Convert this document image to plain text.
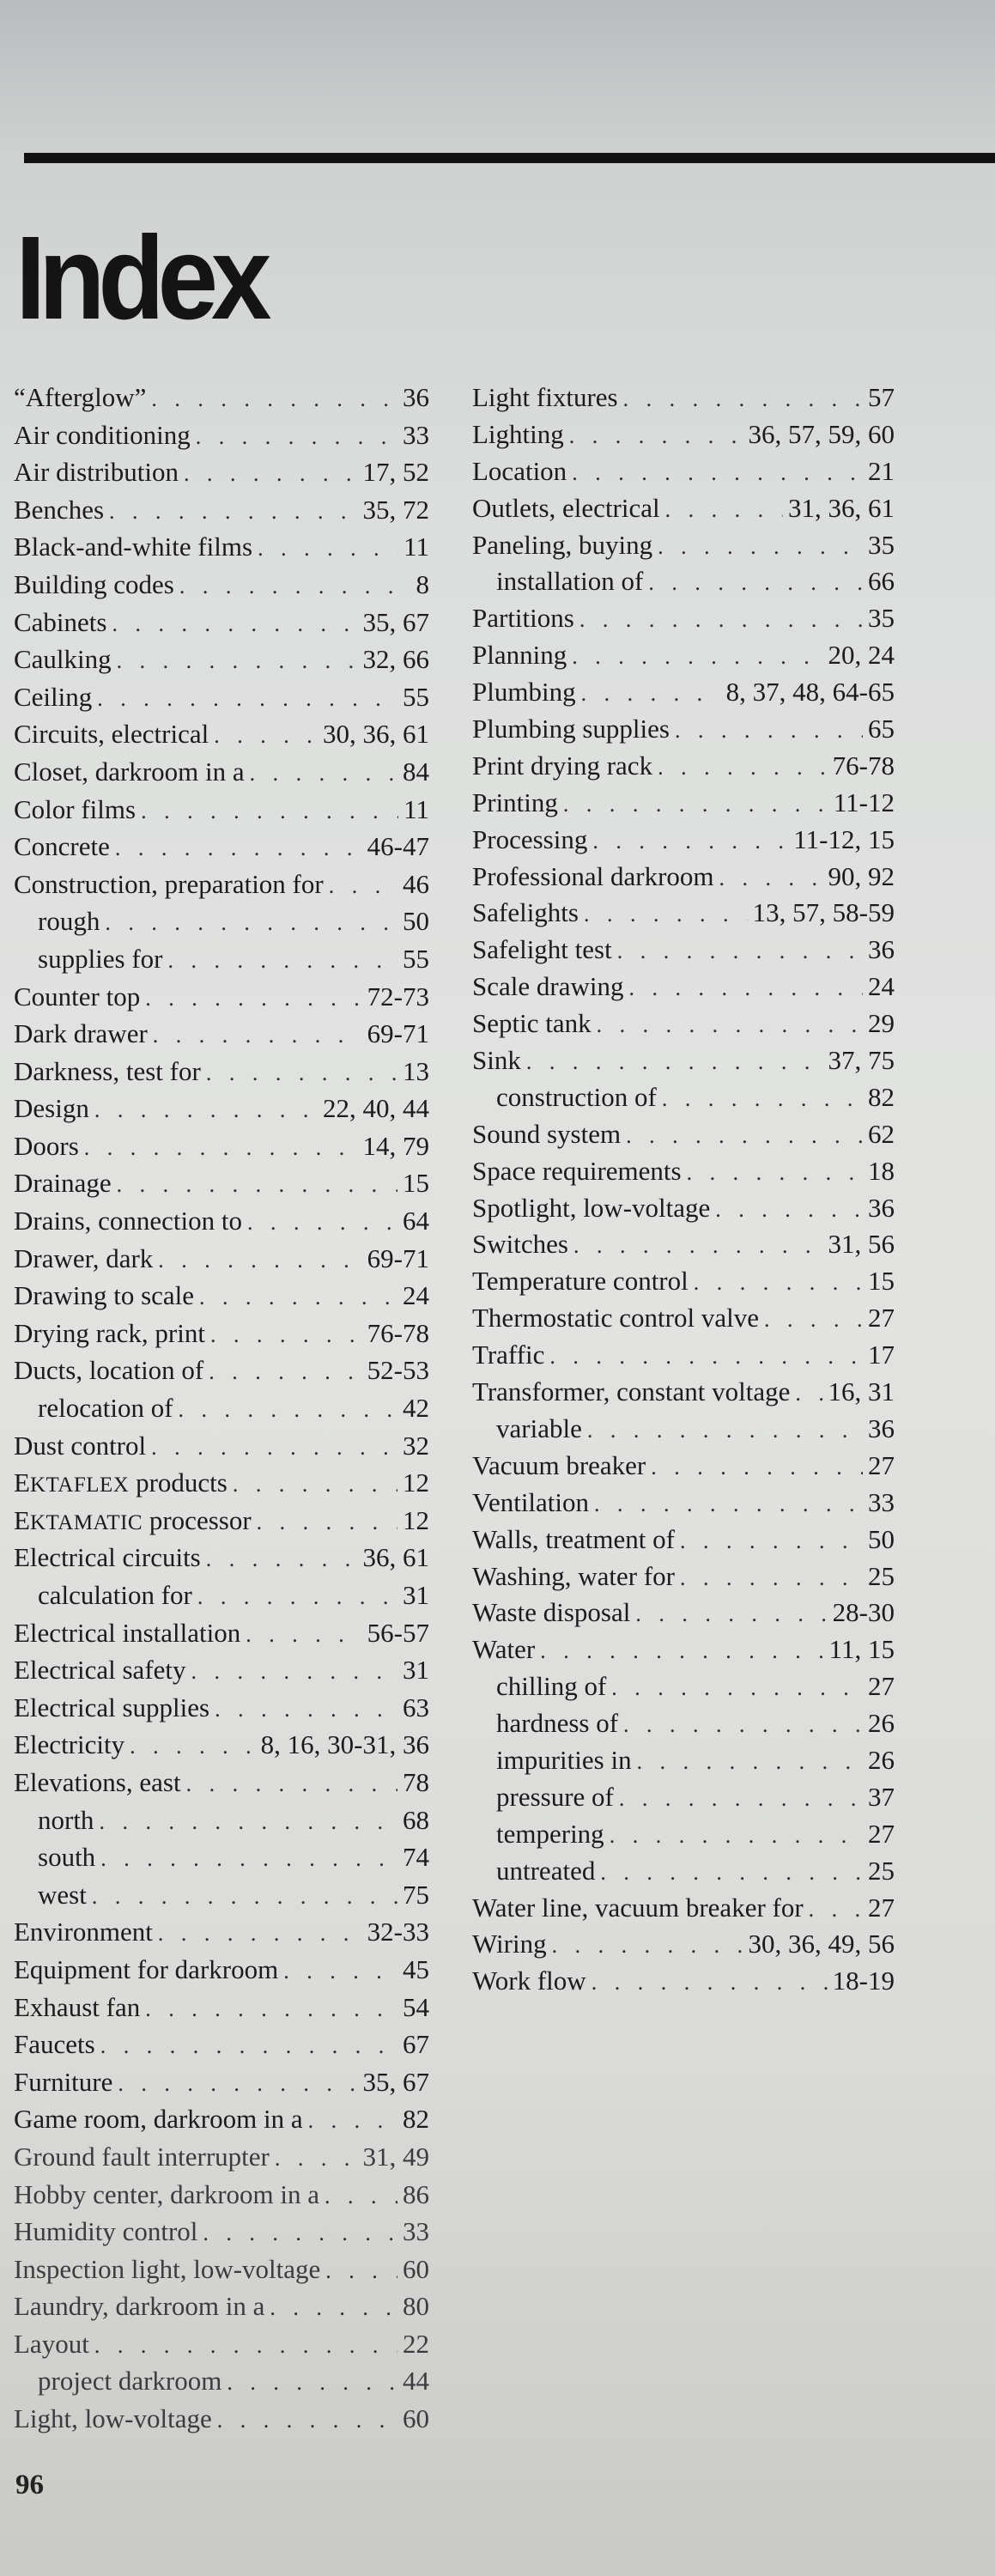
Index
“Afterglow” . . .	36
Air conditioning . . .	33
Air distribution . . .	17, 52
Benches . . .	35, 72
Black-and-white films . . .	11
Building codes . . .	8
Cabinets . . .	35, 67
Caulking . . .	32, 66
Ceiling . . .	55
Circuits, electrical . . .	30, 36, 61
Closet, darkroom in a . . .	84
Color films . . .	11
Concrete . . .	46-47
Construction, preparation for . . .	46
rough . . .	50
supplies for . . .	55
Counter top . . .	72-73
Dark drawer . . .	69-71
Darkness, test for . . .	13
Design . . .	22, 40, 44
Doors . . .	14, 79
Drainage . . .	15
Drains, connection to . . .	64
Drawer, dark . . .	69-71
Drawing to scale . . .	24
Drying rack, print . . .	76-78
Ducts, location of . . .	52-53
relocation of . . .	42
Dust control . . .	32
EKTAFLEX products . . .	12
EKTAMATIC processor . . .	12
Electrical circuits . . .	36, 61
calculation for . . .	31
Electrical installation . . .	56-57
Electrical safety . . .	31
Electrical supplies . . .	63
Electricity . . .	8, 16, 30-31, 36
Elevations, east . . .	78
north . . .	68
south . . .	74
west . . .	75
Environment . . .	32-33
Equipment for darkroom . . .	45
Exhaust fan . . .	54
Faucets . . .	67
Furniture . . .	35, 67
Game room, darkroom in a . . .	82
Ground fault interrupter . . .	31, 49
Hobby center, darkroom in a . . .	86
Humidity control . . .	33
Inspection light, low-voltage . . .	60
Laundry, darkroom in a . . .	80
Layout . . .	22
project darkroom . . .	44
Light, low-voltage . . .	60
Light fixtures . . .	57
Lighting . . .	36, 57, 59, 60
Location . . .	21
Outlets, electrical . . .	31, 36, 61
Paneling, buying . . .	35
installation of . . .	66
Partitions . . .	35
Planning . . .	20, 24
Plumbing . . .	8, 37, 48, 64-65
Plumbing supplies . . .	65
Print drying rack . . .	76-78
Printing . . .	11-12
Processing . . .	11-12, 15
Professional darkroom . . .	90, 92
Safelights . . .	13, 57, 58-59
Safelight test . . .	36
Scale drawing . . .	24
Septic tank . . .	29
Sink . . .	37, 75
construction of . . .	82
Sound system . . .	62
Space requirements . . .	18
Spotlight, low-voltage . . .	36
Switches . . .	31, 56
Temperature control . . .	15
Thermostatic control valve . . .	27
Traffic . . .	17
Transformer, constant voltage . . . 16, 31
variable . . .	36
Vacuum breaker . . .	27
Ventilation . . .	33
Walls, treatment of . . .	50
Washing, water for . . .	25
Waste disposal . . .	28-30
Water . . .	11, 15
chilling of . . .	27
hardness of . . .	26
impurities in . . .	26
pressure of . . .	37
tempering . . .	27
untreated . . .	25
Water line, vacuum breaker for . . . 27
Wiring . . .	30, 36, 49, 56
Work flow . . .	18-19
96
